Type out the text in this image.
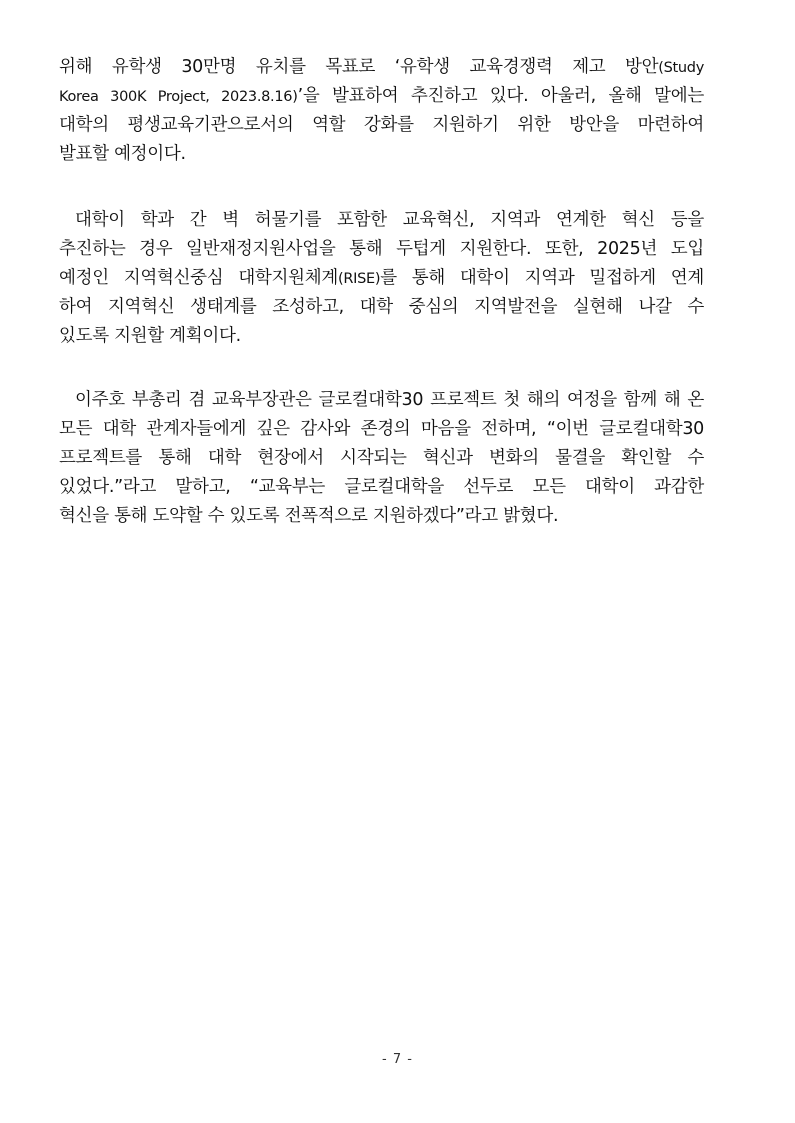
위해 유학생 30만명 유치를 목표로 ‘유학생 교육경쟁력 제고 방안(Study
Korea 300K Project, 2023.8.16)’을 발표하여 추진하고 있다. 아울러, 올해 말에는
대학의 평생교육기관으로서의 역할 강화를 지원하기 위한 방안을 마련하여
발표할 예정이다.
대학이 학과 간 벽 허물기를 포함한 교육혁신, 지역과 연계한 혁신 등을
추진하는 경우 일반재정지원사업을 통해 두텁게 지원한다. 또한, 2025년 도입
예정인 지역혁신중심 대학지원체계(RISE)를 통해 대학이 지역과 밀접하게 연계
하여 지역혁신 생태계를 조성하고, 대학 중심의 지역발전을 실현해 나갈 수
있도록 지원할 계획이다.
이주호 부총리 겸 교육부장관은 글로컬대학30 프로젝트 첫 해의 여정을 함께 해 온
모든 대학 관계자들에게 깊은 감사와 존경의 마음을 전하며, “이번 글로컬대학30
프로젝트를 통해 대학 현장에서 시작되는 혁신과 변화의 물결을 확인할 수
있었다.”라고 말하고, “교육부는 글로컬대학을 선두로 모든 대학이 과감한
혁신을 통해 도약할 수 있도록 전폭적으로 지원하겠다”라고 밝혔다.
- 7 -
